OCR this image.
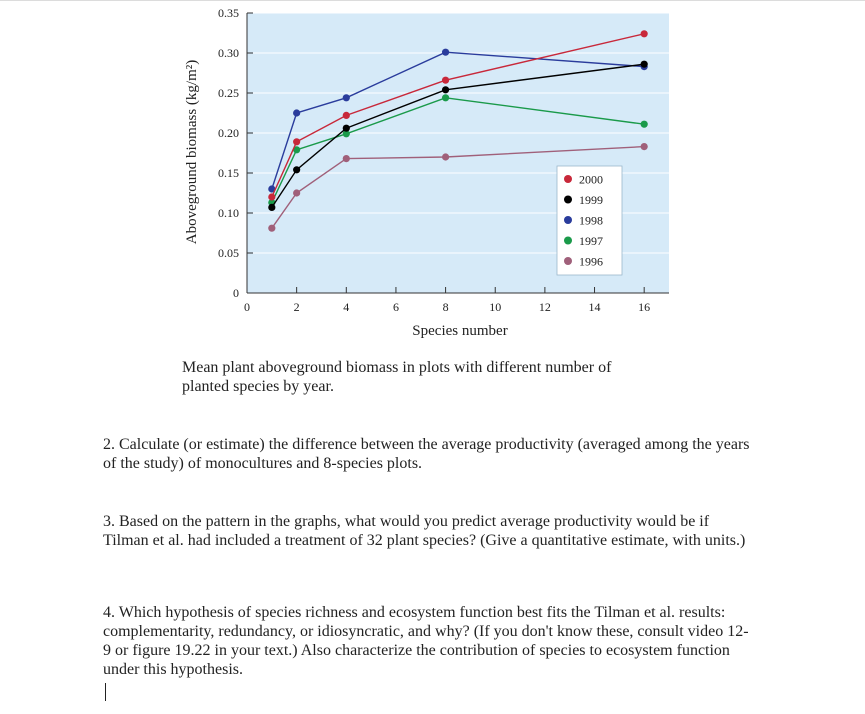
0
0.05
0.10
0.15
0.20
0.25
0.30
0.35
0	2	4	6	8	10	12	14	16
2000
1999
1998
1997
1996
Species number
Aboveground biomass (kg/m²)
Mean plant aboveground biomass in plots with different number of planted species by year.
2. Calculate (or estimate) the difference between the average productivity (averaged among the years of the study) of monocultures and 8-species plots.
3. Based on the pattern in the graphs, what would you predict average productivity would be if Tilman et al. had included a treatment of 32 plant species? (Give a quantitative estimate, with units.)
4. Which hypothesis of species richness and ecosystem function best fits the Tilman et al. results: complementarity, redundancy, or idiosyncratic, and why? (If you don't know these, consult video 12-9 or figure 19.22 in your text.) Also characterize the contribution of species to ecosystem function under this hypothesis.
